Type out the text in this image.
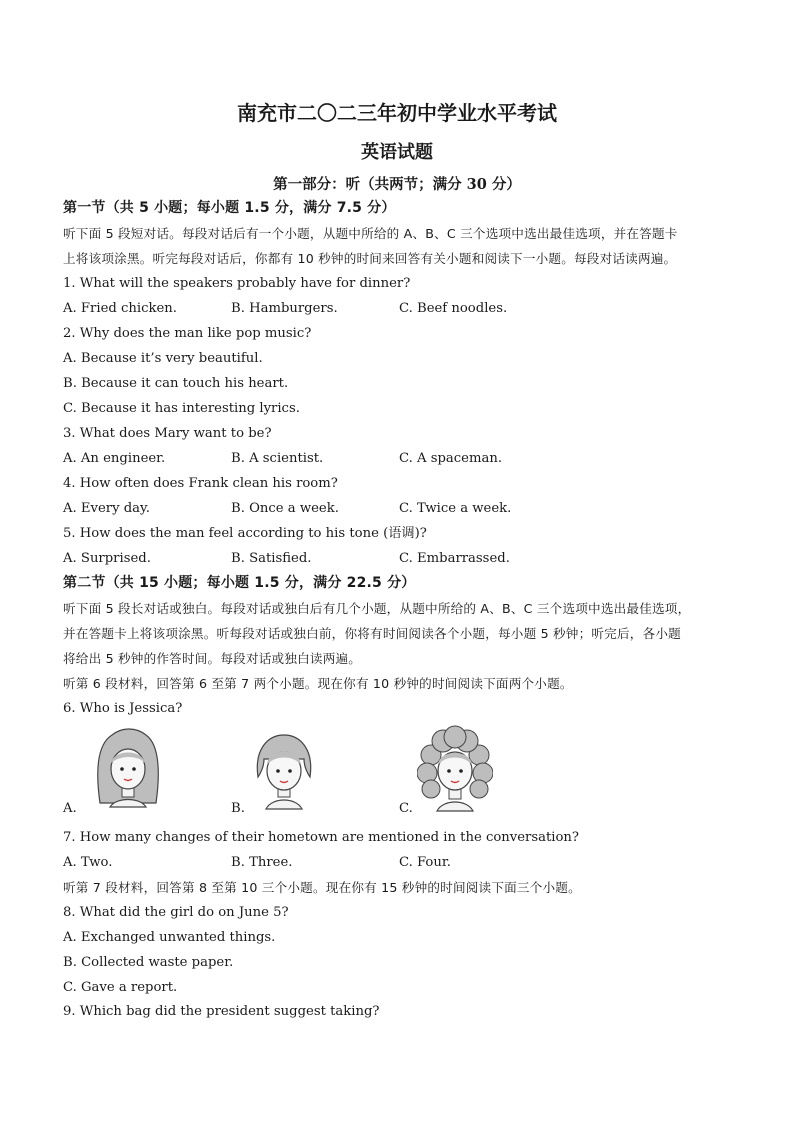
南充市二〇二三年初中学业水平考试
英语试题
第一部分：听（共两节；满分 30 分）
第一节（共 5 小题；每小题 1.5 分，满分 7.5 分）
听下面 5 段短对话。每段对话后有一个小题，从题中所给的 A、B、C 三个选项中选出最佳选项，并在答题卡
上将该项涂黑。听完每段对话后，你都有 10 秒钟的时间来回答有关小题和阅读下一小题。每段对话读两遍。
1. What will the speakers probably have for dinner?
A. Fried chicken.	B. Hamburgers.	C. Beef noodles.
2. Why does the man like pop music?
A. Because it’s very beautiful.
B. Because it can touch his heart.
C. Because it has interesting lyrics.
3. What does Mary want to be?
A. An engineer.	B. A scientist.	C. A spaceman.
4. How often does Frank clean his room?
A. Every day.	B. Once a week.	C. Twice a week.
5. How does the man feel according to his tone (语调)?
A. Surprised.	B. Satisfied.	C. Embarrassed.
第二节（共 15 小题；每小题 1.5 分，满分 22.5 分）
听下面 5 段长对话或独白。每段对话或独白后有几个小题，从题中所给的 A、B、C 三个选项中选出最佳选项，
并在答题卡上将该项涂黑。听每段对话或独白前，你将有时间阅读各个小题，每小题 5 秒钟；听完后，各小题
将给出 5 秒钟的作答时间。每段对话或独白读两遍。
听第 6 段材料，回答第 6 至第 7 两个小题。现在你有 10 秒钟的时间阅读下面两个小题。
6. Who is Jessica?
A.	B.	C.
7. How many changes of their hometown are mentioned in the conversation?
A. Two.	B. Three.	C. Four.
听第 7 段材料，回答第 8 至第 10 三个小题。现在你有 15 秒钟的时间阅读下面三个小题。
8. What did the girl do on June 5?
A. Exchanged unwanted things.
B. Collected waste paper.
C. Gave a report.
9. Which bag did the president suggest taking?
